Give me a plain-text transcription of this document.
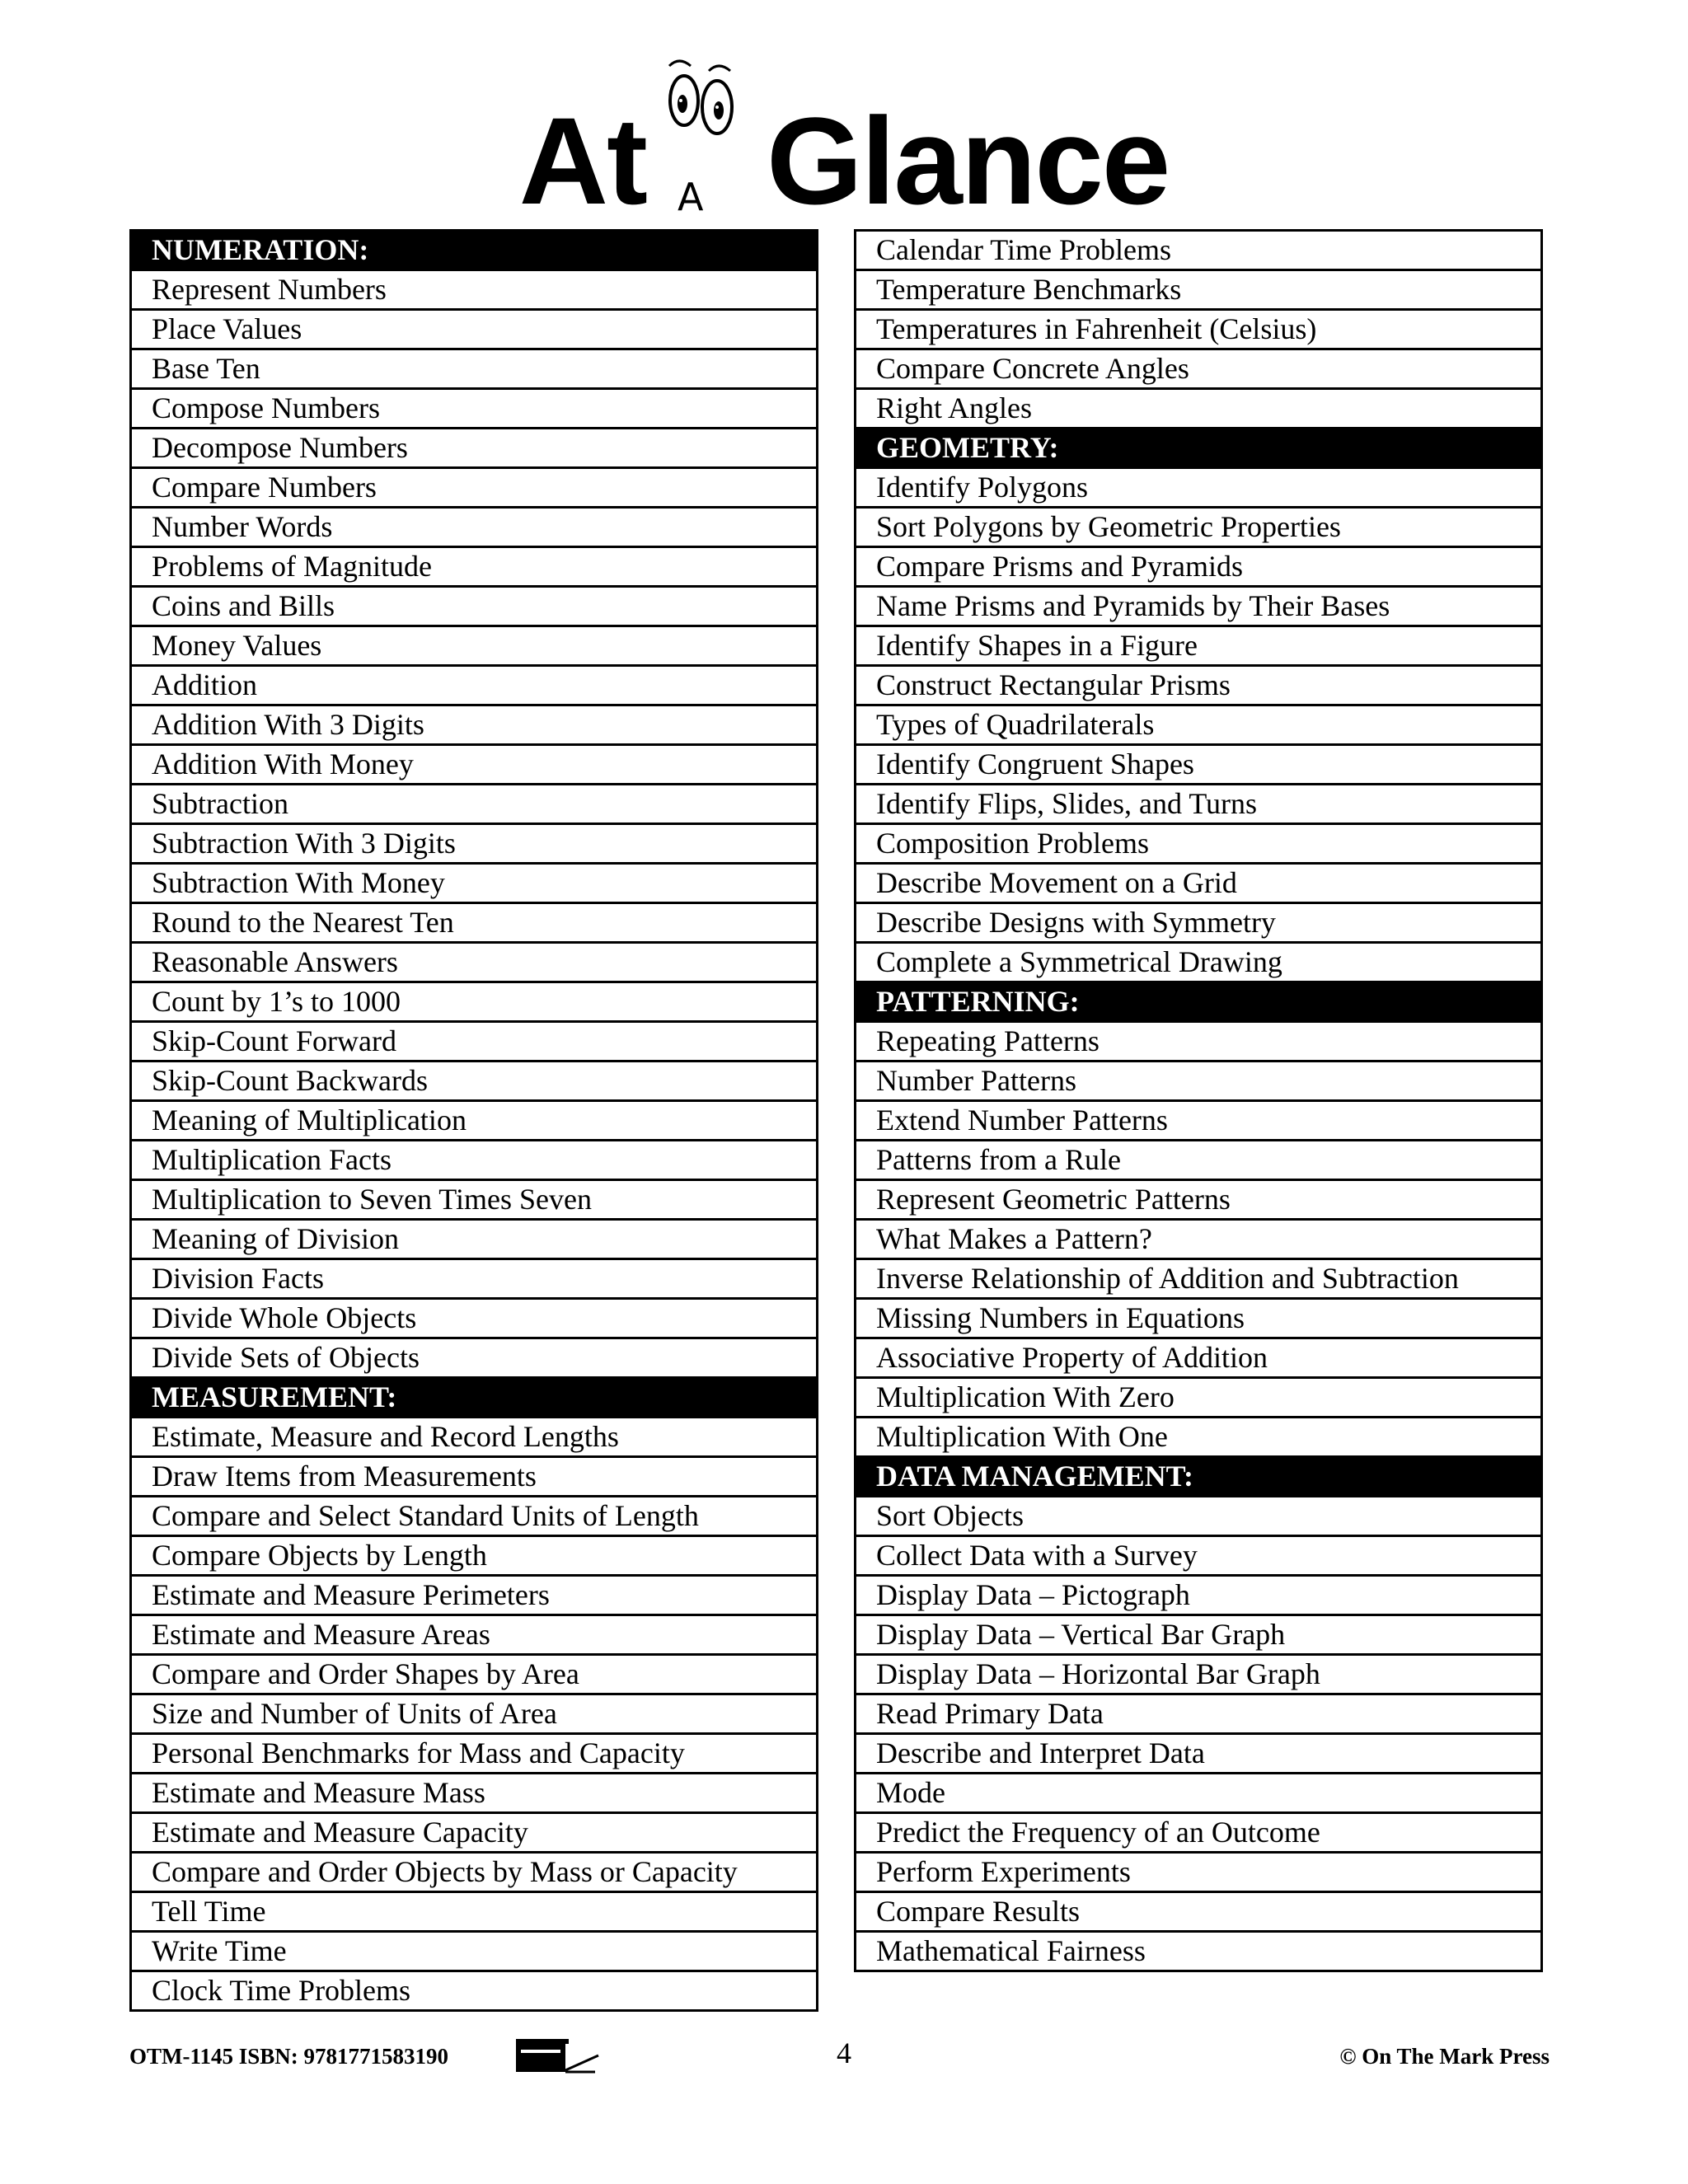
At A Glance
NUMERATION:
Represent Numbers
Place Values
Base Ten
Compose Numbers
Decompose Numbers
Compare Numbers
Number Words
Problems of Magnitude
Coins and Bills
Money Values
Addition
Addition With 3 Digits
Addition With Money
Subtraction
Subtraction With 3 Digits
Subtraction With Money
Round to the Nearest Ten
Reasonable Answers
Count by 1’s to 1000
Skip-Count Forward
Skip-Count Backwards
Meaning of Multiplication
Multiplication Facts
Multiplication to Seven Times Seven
Meaning of Division
Division Facts
Divide Whole Objects
Divide Sets of Objects
MEASUREMENT:
Estimate, Measure and Record Lengths
Draw Items from Measurements
Compare and Select Standard Units of Length
Compare Objects by Length
Estimate and Measure Perimeters
Estimate and Measure Areas
Compare and Order Shapes by Area
Size and Number of Units of Area
Personal Benchmarks for Mass and Capacity
Estimate and Measure Mass
Estimate and Measure Capacity
Compare and Order Objects by Mass or Capacity
Tell Time
Write Time
Clock Time Problems
Calendar Time Problems
Temperature Benchmarks
Temperatures in Fahrenheit (Celsius)
Compare Concrete Angles
Right Angles
GEOMETRY:
Identify Polygons
Sort Polygons by Geometric Properties
Compare Prisms and Pyramids
Name Prisms and Pyramids by Their Bases
Identify Shapes in a Figure
Construct Rectangular Prisms
Types of Quadrilaterals
Identify Congruent Shapes
Identify Flips, Slides, and Turns
Composition Problems
Describe Movement on a Grid
Describe Designs with Symmetry
Complete a Symmetrical Drawing
PATTERNING:
Repeating Patterns
Number Patterns
Extend Number Patterns
Patterns from a Rule
Represent Geometric Patterns
What Makes a Pattern?
Inverse Relationship of Addition and Subtraction
Missing Numbers in Equations
Associative Property of Addition
Multiplication With Zero
Multiplication With One
DATA MANAGEMENT:
Sort Objects
Collect Data with a Survey
Display Data – Pictograph
Display Data – Vertical Bar Graph
Display Data – Horizontal Bar Graph
Read Primary Data
Describe and Interpret Data
Mode
Predict the Frequency of an Outcome
Perform Experiments
Compare Results
Mathematical Fairness
OTM-1145 ISBN: 9781771583190	4	© On The Mark Press
